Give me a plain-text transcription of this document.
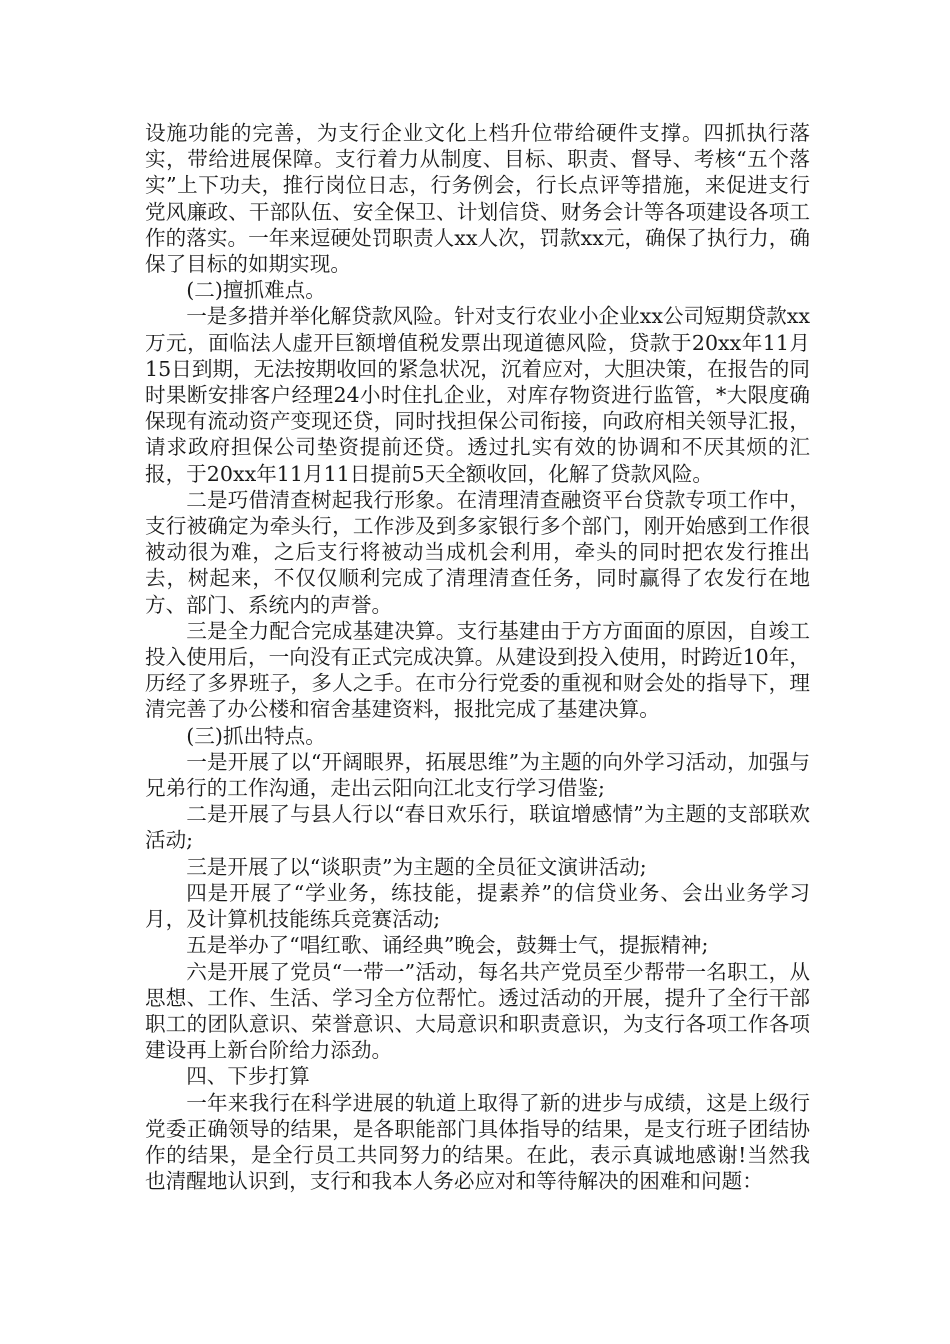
设施功能的完善，为支行企业文化上档升位带给硬件支撑。四抓执行落实，带给进展保障。支行着力从制度、目标、职责、督导、考核“五个落实”上下功夫，推行岗位日志，行务例会，行长点评等措施，来促进支行党风廉政、干部队伍、安全保卫、计划信贷、财务会计等各项建设各项工作的落实。一年来逗硬处罚职责人xx人次，罚款xx元，确保了执行力，确保了目标的如期实现。

(二)擅抓难点。

一是多措并举化解贷款风险。针对支行农业小企业xx公司短期贷款xx万元，面临法人虚开巨额增值税发票出现道德风险，贷款于20xx年11月15日到期，无法按期收回的紧急状况，沉着应对，大胆决策，在报告的同时果断安排客户经理24小时住扎企业，对库存物资进行监管，*大限度确保现有流动资产变现还贷，同时找担保公司衔接，向政府相关领导汇报，请求政府担保公司垫资提前还贷。透过扎实有效的协调和不厌其烦的汇报，于20xx年11月11日提前5天全额收回，化解了贷款风险。

二是巧借清查树起我行形象。在清理清查融资平台贷款专项工作中，支行被确定为牵头行，工作涉及到多家银行多个部门，刚开始感到工作很被动很为难，之后支行将被动当成机会利用，牵头的同时把农发行推出去，树起来，不仅仅顺利完成了清理清查任务，同时赢得了农发行在地方、部门、系统内的声誉。

三是全力配合完成基建决算。支行基建由于方方面面的原因，自竣工投入使用后，一向没有正式完成决算。从建设到投入使用，时跨近10年，历经了多界班子，多人之手。在市分行党委的重视和财会处的指导下，理清完善了办公楼和宿舍基建资料，报批完成了基建决算。

(三)抓出特点。

一是开展了以“开阔眼界，拓展思维”为主题的向外学习活动，加强与兄弟行的工作沟通，走出云阳向江北支行学习借鉴;

二是开展了与县人行以“春日欢乐行，联谊增感情”为主题的支部联欢活动;

三是开展了以“谈职责”为主题的全员征文演讲活动;

四是开展了“学业务，练技能，提素养”的信贷业务、会出业务学习月，及计算机技能练兵竞赛活动;

五是举办了“唱红歌、诵经典”晚会，鼓舞士气，提振精神;

六是开展了党员“一带一”活动，每名共产党员至少帮带一名职工，从思想、工作、生活、学习全方位帮忙。透过活动的开展，提升了全行干部职工的团队意识、荣誉意识、大局意识和职责意识，为支行各项工作各项建设再上新台阶给力添劲。

四、下步打算

一年来我行在科学进展的轨道上取得了新的进步与成绩，这是上级行党委正确领导的结果，是各职能部门具体指导的结果，是支行班子团结协作的结果，是全行员工共同努力的结果。在此，表示真诚地感谢!当然我也清醒地认识到，支行和我本人务必应对和等待解决的困难和问题：
